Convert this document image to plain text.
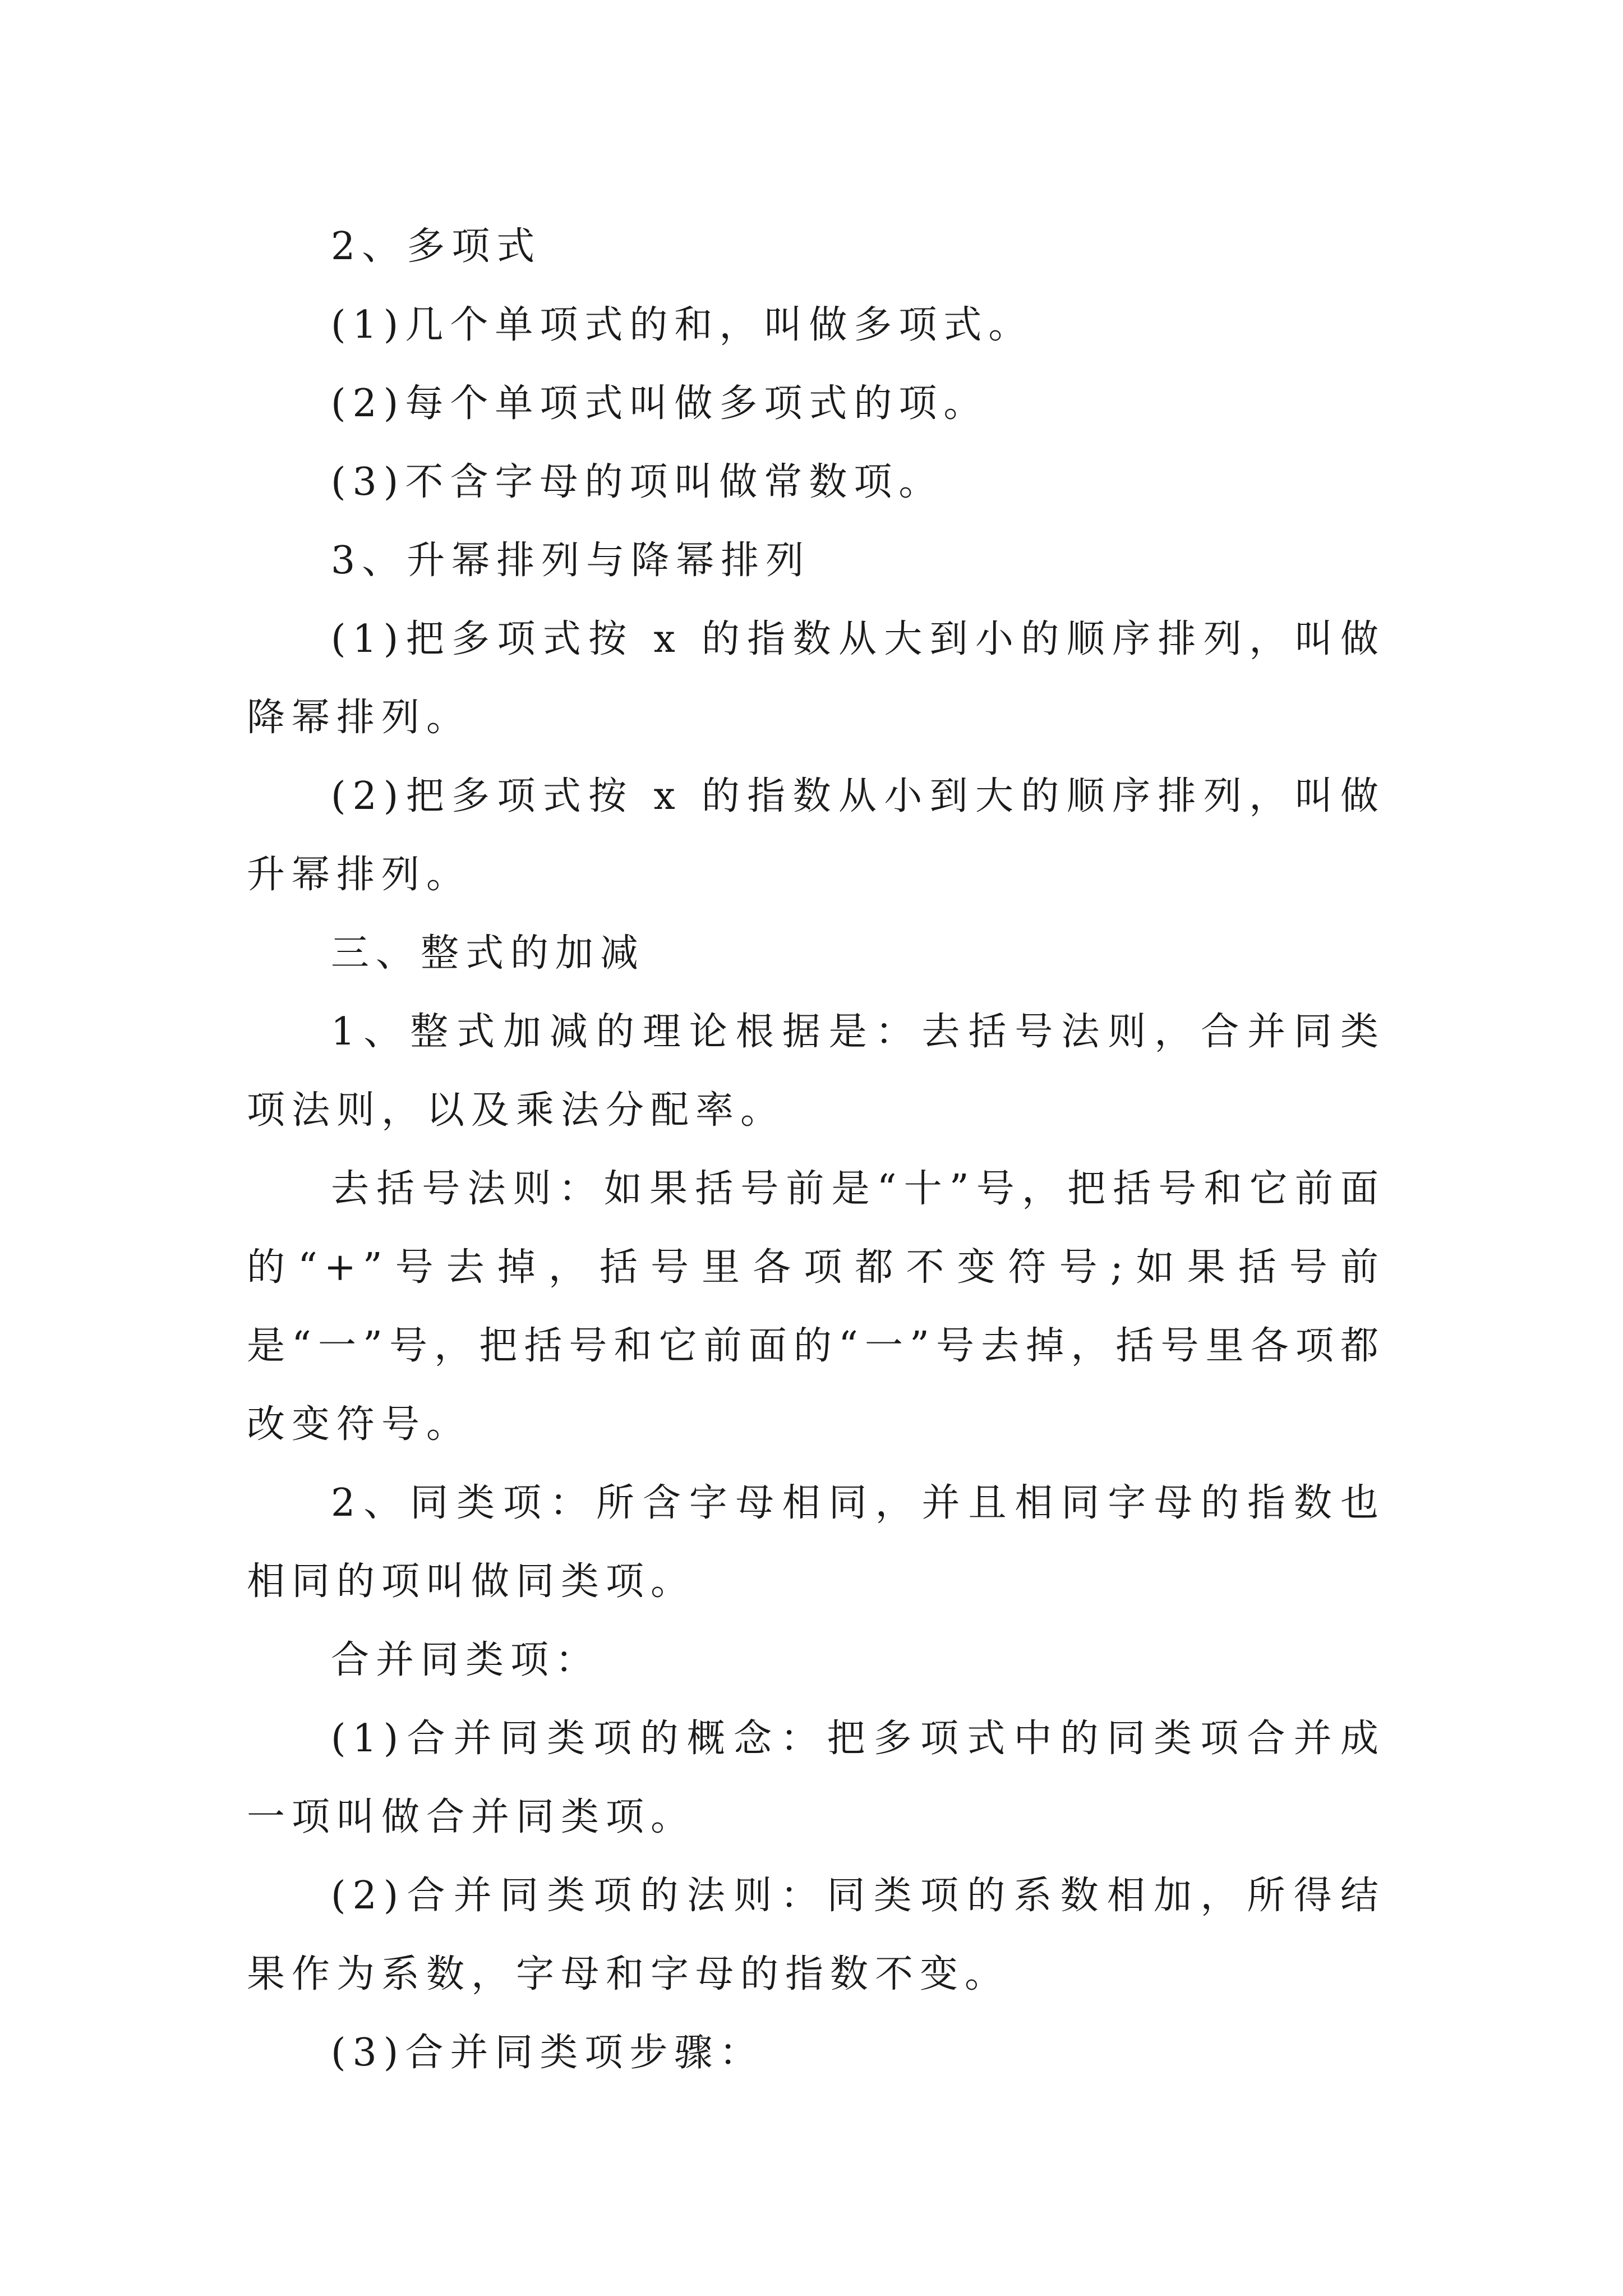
2、多项式

(1)几个单项式的和，叫做多项式。

(2)每个单项式叫做多项式的项。

(3)不含字母的项叫做常数项。

3、升幂排列与降幂排列

(1)把多项式按 x 的指数从大到小的顺序排列，叫做降幂排列。

(2)把多项式按 x 的指数从小到大的顺序排列，叫做升幂排列。

三、整式的加减

1、整式加减的理论根据是：去括号法则，合并同类项法则，以及乘法分配率。

去括号法则：如果括号前是“十”号，把括号和它前面的“+”号去掉，括号里各项都不变符号;如果括号前是“一”号，把括号和它前面的“一”号去掉，括号里各项都改变符号。

2、同类项：所含字母相同，并且相同字母的指数也相同的项叫做同类项。

合并同类项：

(1)合并同类项的概念：把多项式中的同类项合并成一项叫做合并同类项。

(2)合并同类项的法则：同类项的系数相加，所得结果作为系数，字母和字母的指数不变。

(3)合并同类项步骤：
